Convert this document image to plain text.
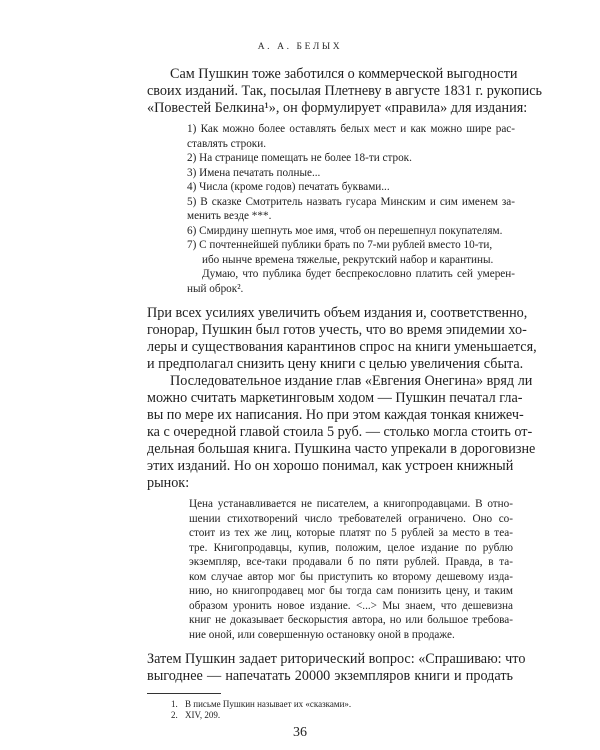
А. А. БЕЛЫХ
Сам Пушкин тоже заботился о коммерческой выгодности
своих изданий. Так, посылая Плетневу в августе 1831 г. рукопись
«Повестей Белкина¹», он формулирует «правила» для издания:
1) Как можно более оставлять белых мест и как можно шире рас-
ставлять строки.
2) На странице помещать не более 18-ти строк.
3) Имена печатать полные...
4) Числа (кроме годов) печатать буквами...
5) В сказке Смотритель назвать гусара Минским и сим именем за-
менить везде ***.
6) Смирдину шепнуть мое имя, чтоб он перешепнул покупателям.
7) С почтеннейшей публики брать по 7-ми рублей вместо 10-ти,
ибо нынче времена тяжелые, рекрутский набор и карантины.
Думаю, что публика будет беспрекословно платить сей умерен-
ный оброк².
При всех усилиях увеличить объем издания и, соответственно,
гонорар, Пушкин был готов учесть, что во время эпидемии хо-
леры и существования карантинов спрос на книги уменьшается,
и предполагал снизить цену книги с целью увеличения сбыта.
Последовательное издание глав «Евгения Онегина» вряд ли
можно считать маркетинговым ходом — Пушкин печатал гла-
вы по мере их написания. Но при этом каждая тонкая книжеч-
ка с очередной главой стоила 5 руб. — столько могла стоить от-
дельная большая книга. Пушкина часто упрекали в дороговизне
этих изданий. Но он хорошо понимал, как устроен книжный
рынок:
Цена устанавливается не писателем, а книгопродавцами. В отно-
шении стихотворений число требователей ограничено. Оно со-
стоит из тех же лиц, которые платят по 5 рублей за место в теа-
тре. Книгопродавцы, купив, положим, целое издание по рублю
экземпляр, все-таки продавали б по пяти рублей. Правда, в та-
ком случае автор мог бы приступить ко второму дешевому изда-
нию, но книгопродавец мог бы тогда сам понизить цену, и таким
образом уронить новое издание. <...> Мы знаем, что дешевизна
книг не доказывает бескорыстия автора, но или большое требова-
ние оной, или совершенную остановку оной в продаже.
Затем Пушкин задает риторический вопрос: «Спрашиваю: что
выгоднее — напечатать 20000 экземпляров книги и продать
1. В письме Пушкин называет их «сказками».
2. XIV, 209.
36
